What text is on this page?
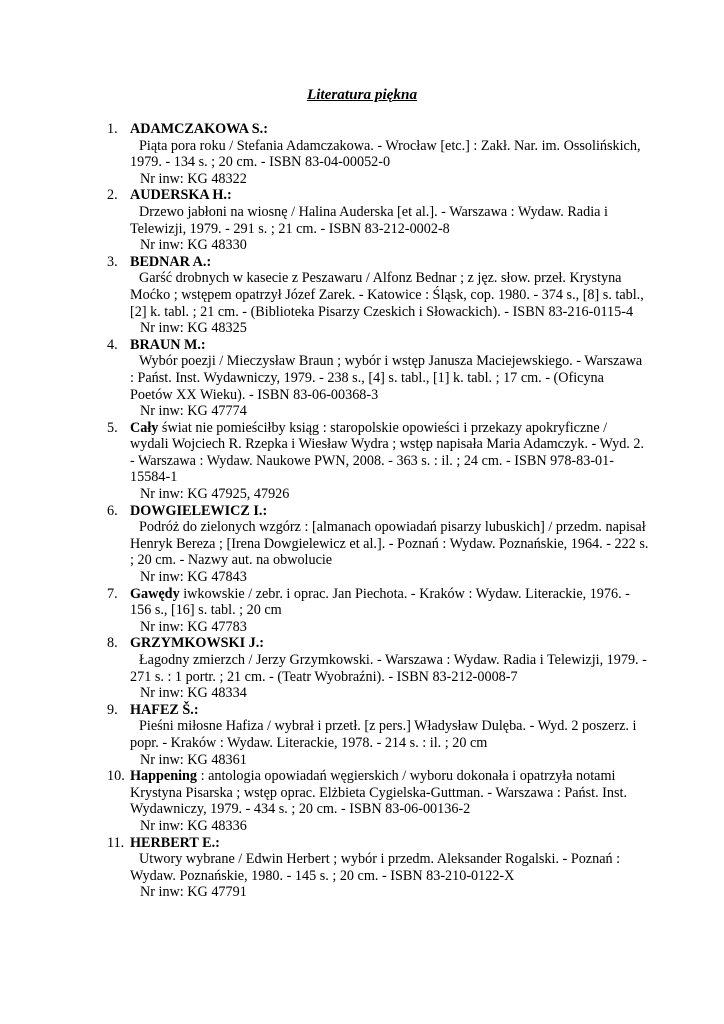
Literatura piękna
1. ADAMCZAKOWA S.:
Piąta pora roku / Stefania Adamczakowa. - Wrocław [etc.] : Zakł. Nar. im. Ossolińskich, 1979. - 134 s. ; 20 cm. - ISBN 83-04-00052-0
Nr inw: KG 48322
2. AUDERSKA H.:
Drzewo jabłoni na wiosnę / Halina Auderska [et al.]. - Warszawa : Wydaw. Radia i Telewizji, 1979. - 291 s. ; 21 cm. - ISBN 83-212-0002-8
Nr inw: KG 48330
3. BEDNAR A.:
Garść drobnych w kasecie z Peszawaru / Alfonz Bednar ; z jęz. słow. przeł. Krystyna Moćko ; wstępem opatrzył Józef Zarek. - Katowice : Śląsk, cop. 1980. - 374 s., [8] s. tabl., [2] k. tabl. ; 21 cm. - (Biblioteka Pisarzy Czeskich i Słowackich). - ISBN 83-216-0115-4
Nr inw: KG 48325
4. BRAUN M.:
Wybór poezji / Mieczysław Braun ; wybór i wstęp Janusza Maciejewskiego. - Warszawa : Państ. Inst. Wydawniczy, 1979. - 238 s., [4] s. tabl., [1] k. tabl. ; 17 cm. - (Oficyna Poetów XX Wieku). - ISBN 83-06-00368-3
Nr inw: KG 47774
5. Cały świat nie pomieściłby ksiąg : staropolskie opowieści i przekazy apokryficzne / wydali Wojciech R. Rzepka i Wiesław Wydra ; wstęp napisała Maria Adamczyk. - Wyd. 2. - Warszawa : Wydaw. Naukowe PWN, 2008. - 363 s. : il. ; 24 cm. - ISBN 978-83-01-15584-1
Nr inw: KG 47925, 47926
6. DOWGIELEWICZ I.:
Podróż do zielonych wzgórz : [almanach opowiadań pisarzy lubuskich] / przedm. napisał Henryk Bereza ; [Irena Dowgielewicz et al.]. - Poznań : Wydaw. Poznańskie, 1964. - 222 s. ; 20 cm. - Nazwy aut. na obwolucie
Nr inw: KG 47843
7. Gawędy iwkowskie / zebr. i oprac. Jan Piechota. - Kraków : Wydaw. Literackie, 1976. - 156 s., [16] s. tabl. ; 20 cm
Nr inw: KG 47783
8. GRZYMKOWSKI J.:
Łagodny zmierzch / Jerzy Grzymkowski. - Warszawa : Wydaw. Radia i Telewizji, 1979. - 271 s. : 1 portr. ; 21 cm. - (Teatr Wyobraźni). - ISBN 83-212-0008-7
Nr inw: KG 48334
9. HAFEZ Š.:
Pieśni miłosne Hafiza / wybrał i przetł. [z pers.] Władysław Dulęba. - Wyd. 2 poszerz. i popr. - Kraków : Wydaw. Literackie, 1978. - 214 s. : il. ; 20 cm
Nr inw: KG 48361
10. Happening : antologia opowiadań węgierskich / wyboru dokonała i opatrzyła notami Krystyna Pisarska ; wstęp oprac. Elżbieta Cygielska-Guttman. - Warszawa : Państ. Inst. Wydawniczy, 1979. - 434 s. ; 20 cm. - ISBN 83-06-00136-2
Nr inw: KG 48336
11. HERBERT E.:
Utwory wybrane / Edwin Herbert ; wybór i przedm. Aleksander Rogalski. - Poznań : Wydaw. Poznańskie, 1980. - 145 s. ; 20 cm. - ISBN 83-210-0122-X
Nr inw: KG 47791
